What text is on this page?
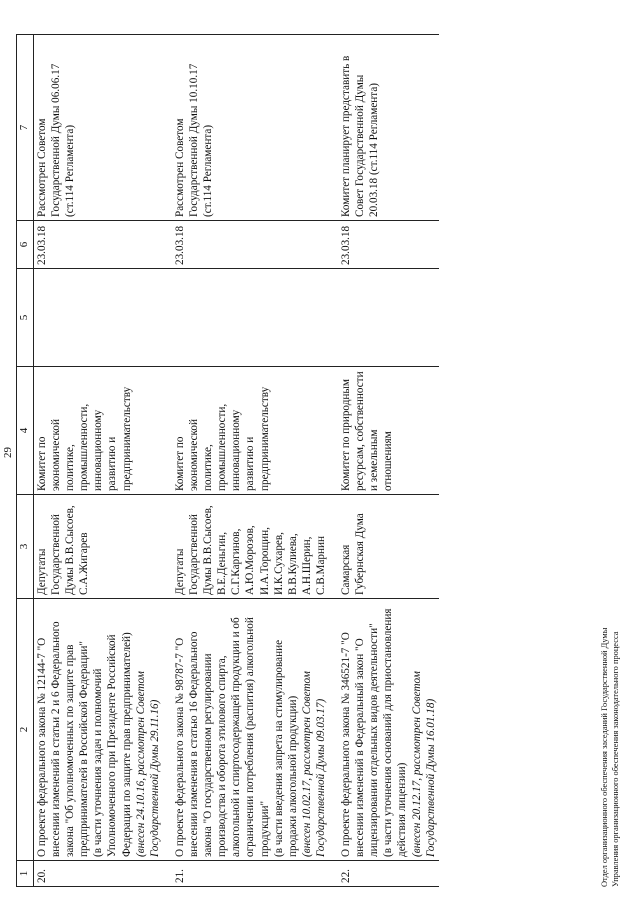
29
1	2	3	4	5	6	7
20.	О проекте федерального закона № 12144-7 "О внесении изменений в статьи 2 и 6 Федерального закона "Об уполномоченных по защите прав предпринимателей в Российской Федерации" (в части уточнения задач и полномочий Уполномоченного при Президенте Российской Федерации по защите прав предпринимателей) (внесен 24.10.16, рассмотрен Советом Государственной Думы 29.11.16)	Депутаты Государственной Думы В.В.Сысоев, С.А.Жигарев	Комитет по экономической политике, промышленности, инновационному развитию и предпринимательству		23.03.18	Рассмотрен Советом Государственной Думы 06.06.17 (ст.114 Регламента)
21.	О проекте федерального закона № 98787-7 "О внесении изменения в статью 16 Федерального закона "О государственном регулировании производства и оборота этилового спирта, алкогольной и спиртосодержащей продукции и об ограничении потребления (распития) алкогольной продукции" (в части введения запрета на стимулирование продажи алкогольной продукции) (внесен 10.02.17, рассмотрен Советом Государственной Думы 09.03.17)	Депутаты Государственной Думы В.В.Сысоев, В.Е.Деньгин, С.Г.Каргинов, А.Ю.Морозов, И.А.Торощин, И.К.Сухарев, В.В.Кулиева, А.Н.Шерин, С.В.Марнин	Комитет по экономической политике, промышленности, инновационному развитию и предпринимательству		23.03.18	Рассмотрен Советом Государственной Думы 10.10.17 (ст.114 Регламента)
22.	О проекте федерального закона № 346521-7 "О внесении изменений в Федеральный закон "О лицензировании отдельных видов деятельности" (в части уточнения оснований для приостановления действия лицензии) (внесен 20.12.17, рассмотрен Советом Государственной Думы 16.01.18)	Самарская Губернская Дума	Комитет по природным ресурсам, собственности и земельным отношениям		23.03.18	Комитет планирует представить в Совет Государственной Думы 20.03.18 (ст.114 Регламента)
Отдел организационного обеспечения заседаний Государственной Думы Управления организационного обеспечения законодательного процесса
